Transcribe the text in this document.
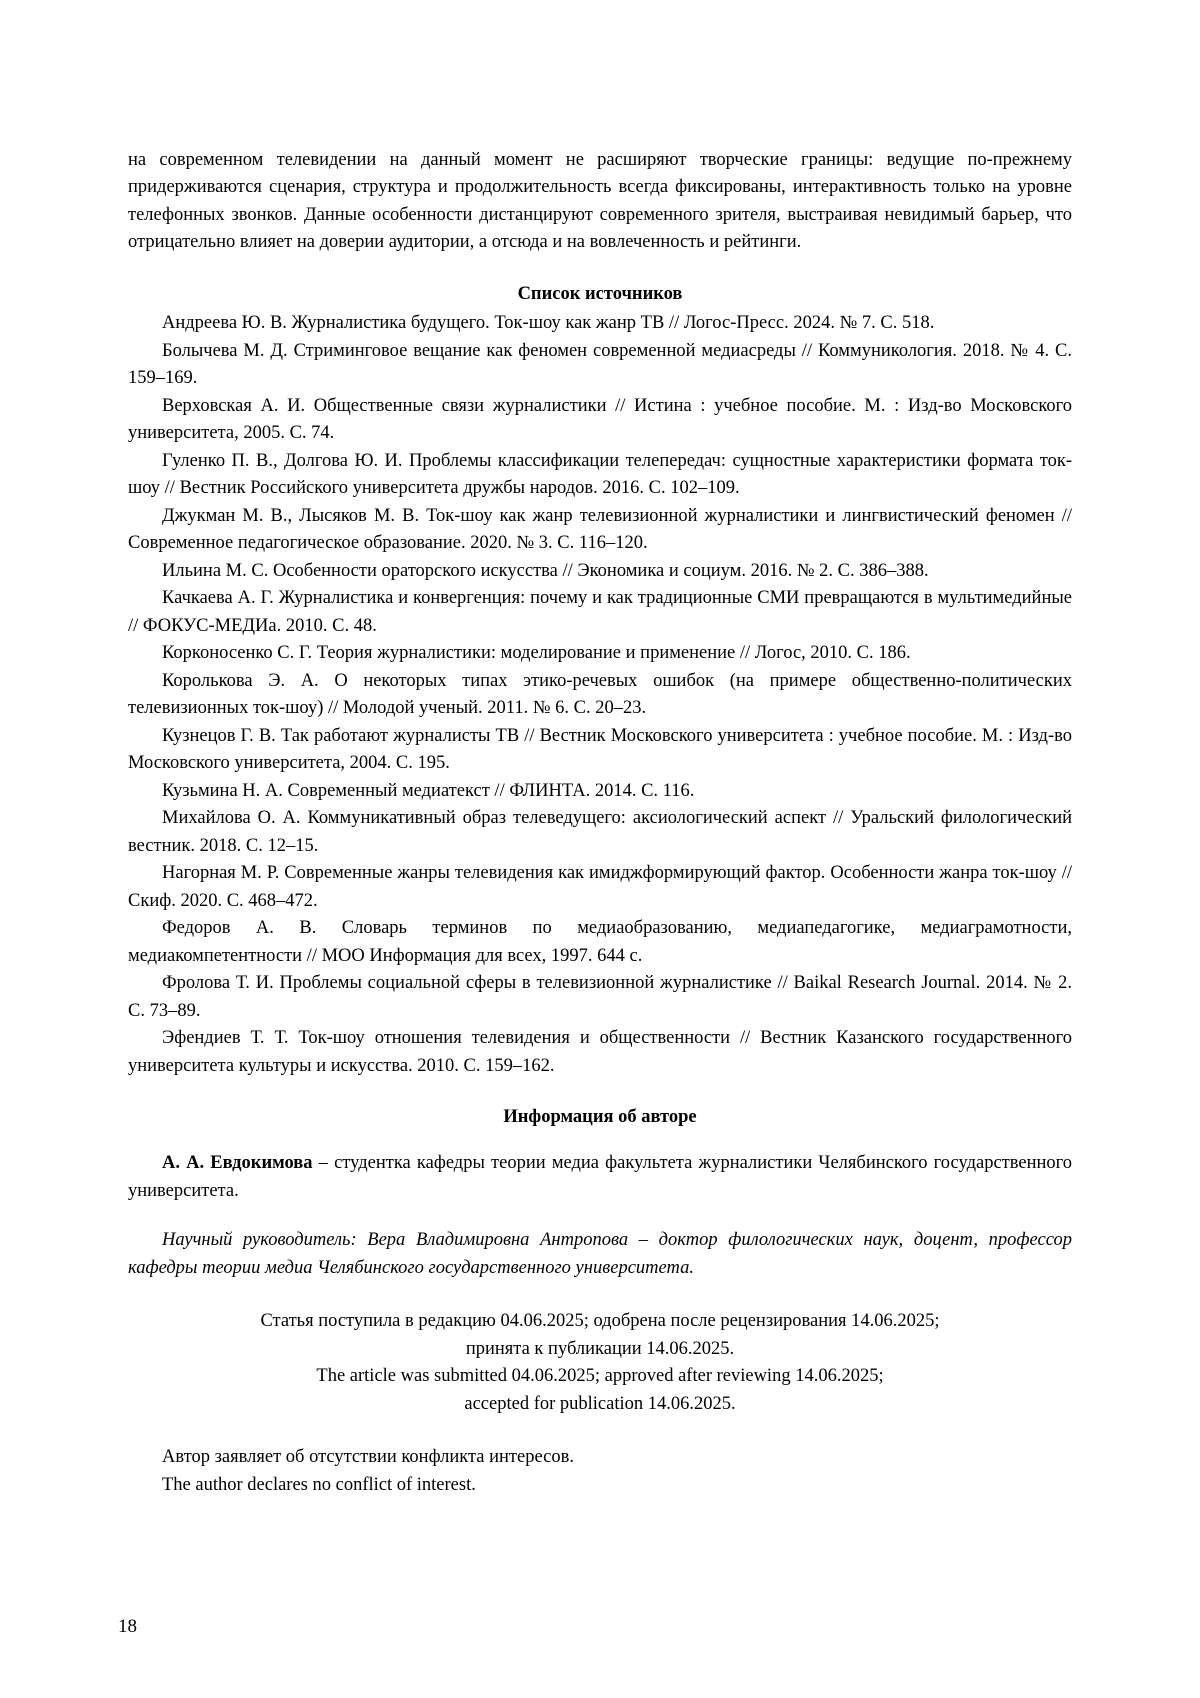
на современном телевидении на данный момент не расширяют творческие границы: ведущие по-прежнему придерживаются сценария, структура и продолжительность всегда фиксированы, интерактивность только на уровне телефонных звонков. Данные особенности дистанцируют современного зрителя, выстраивая невидимый барьер, что отрицательно влияет на доверии аудитории, а отсюда и на вовлеченность и рейтинги.

Список источников
Андреева Ю. В. Журналистика будущего. Ток-шоу как жанр ТВ // Логос-Пресс. 2024. № 7. С. 518.
Болычева М. Д. Стриминговое вещание как феномен современной медиасреды // Коммуникология. 2018. № 4. С. 159–169.
Верховская А. И. Общественные связи журналистики // Истина : учебное пособие. М. : Изд-во Московского университета, 2005. С. 74.
Гуленко П. В., Долгова Ю. И. Проблемы классификации телепередач: сущностные характеристики формата ток-шоу // Вестник Российского университета дружбы народов. 2016. С. 102–109.
Джукман М. В., Лысяков М. В. Ток-шоу как жанр телевизионной журналистики и лингвистический феномен // Современное педагогическое образование. 2020. № 3. С. 116–120.
Ильина М. С. Особенности ораторского искусства // Экономика и социум. 2016. № 2. С. 386–388.
Качкаева А. Г. Журналистика и конвергенция: почему и как традиционные СМИ превращаются в мультимедийные // ФОКУС-МЕДИа. 2010. С. 48.
Корконосенко С. Г. Теория журналистики: моделирование и применение // Логос, 2010. С. 186.
Королькова Э. А. О некоторых типах этико-речевых ошибок (на примере общественно-политических телевизионных ток-шоу) // Молодой ученый. 2011. № 6. С. 20–23.
Кузнецов Г. В. Так работают журналисты ТВ // Вестник Московского университета : учебное пособие. М. : Изд-во Московского университета, 2004. С. 195.
Кузьмина Н. А. Современный медиатекст // ФЛИНТА. 2014. С. 116.
Михайлова О. А. Коммуникативный образ телеведущего: аксиологический аспект // Уральский филологический вестник. 2018. С. 12–15.
Нагорная М. Р. Современные жанры телевидения как имиджформирующий фактор. Особенности жанра ток-шоу // Скиф. 2020. С. 468–472.
Федоров А. В. Словарь терминов по медиаобразованию, медиапедагогике, медиаграмотности, медиакомпетентности // МОО Информация для всех, 1997. 644 с.
Фролова Т. И. Проблемы социальной сферы в телевизионной журналистике // Baikal Research Journal. 2014. № 2. С. 73–89.
Эфендиев Т. Т. Ток-шоу отношения телевидения и общественности // Вестник Казанского государственного университета культуры и искусства. 2010. С. 159–162.
Информация об авторе

А. А. Евдокимова – студентка кафедры теории медиа факультета журналистики Челябинского государственного университета.

Научный руководитель: Вера Владимировна Антропова – доктор филологических наук, доцент, профессор кафедры теории медиа Челябинского государственного университета.

Статья поступила в редакцию 04.06.2025; одобрена после рецензирования 14.06.2025;
принята к публикации 14.06.2025.
The article was submitted 04.06.2025; approved after reviewing 14.06.2025;
accepted for publication 14.06.2025.
Автор заявляет об отсутствии конфликта интересов.
The author declares no conflict of interest.
18
